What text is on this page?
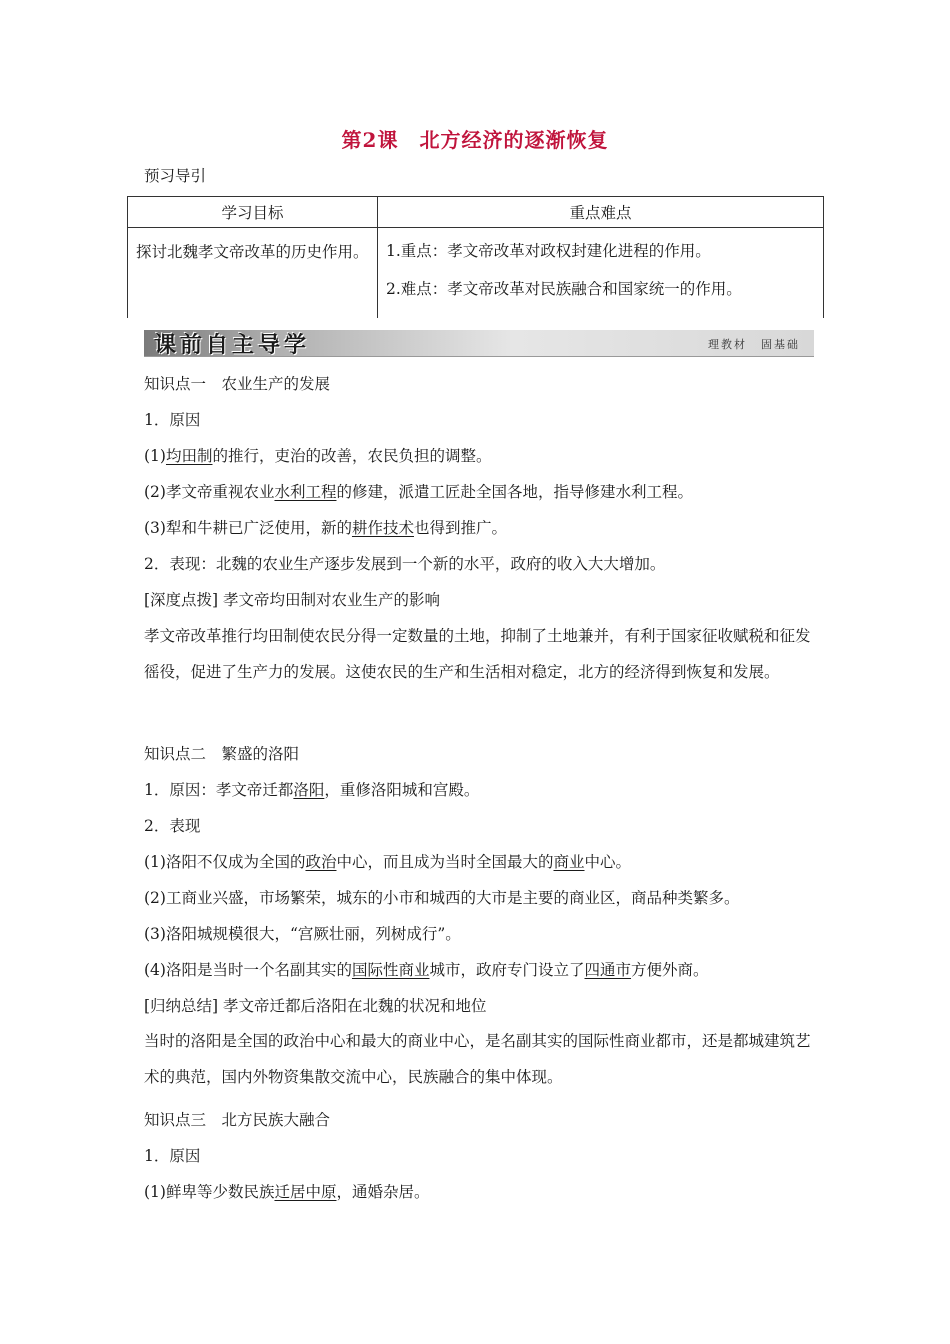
第2课　北方经济的逐渐恢复
预习导引
学习目标	重点难点
探讨北魏孝文帝改革的历史作用。	1.重点：孝文帝改革对政权封建化进程的作用。
2.难点：孝文帝改革对民族融合和国家统一的作用。
课前自主导学	理教材 固基础
知识点一　农业生产的发展
1．原因
(1)均田制的推行，吏治的改善，农民负担的调整。
(2)孝文帝重视农业水利工程的修建，派遣工匠赴全国各地，指导修建水利工程。
(3)犁和牛耕已广泛使用，新的耕作技术也得到推广。
2．表现：北魏的农业生产逐步发展到一个新的水平，政府的收入大大增加。
[深度点拨] 孝文帝均田制对农业生产的影响
孝文帝改革推行均田制使农民分得一定数量的土地，抑制了土地兼并，有利于国家征收赋税和征发徭役，促进了生产力的发展。这使农民的生产和生活相对稳定，北方的经济得到恢复和发展。
知识点二　繁盛的洛阳
1．原因：孝文帝迁都洛阳，重修洛阳城和宫殿。
2．表现
(1)洛阳不仅成为全国的政治中心，而且成为当时全国最大的商业中心。
(2)工商业兴盛，市场繁荣，城东的小市和城西的大市是主要的商业区，商品种类繁多。
(3)洛阳城规模很大，“宫厥壮丽，列树成行”。
(4)洛阳是当时一个名副其实的国际性商业城市，政府专门设立了四通市方便外商。
[归纳总结] 孝文帝迁都后洛阳在北魏的状况和地位
当时的洛阳是全国的政治中心和最大的商业中心，是名副其实的国际性商业都市，还是都城建筑艺术的典范，国内外物资集散交流中心，民族融合的集中体现。
知识点三　北方民族大融合
1．原因
(1)鲜卑等少数民族迁居中原，通婚杂居。
